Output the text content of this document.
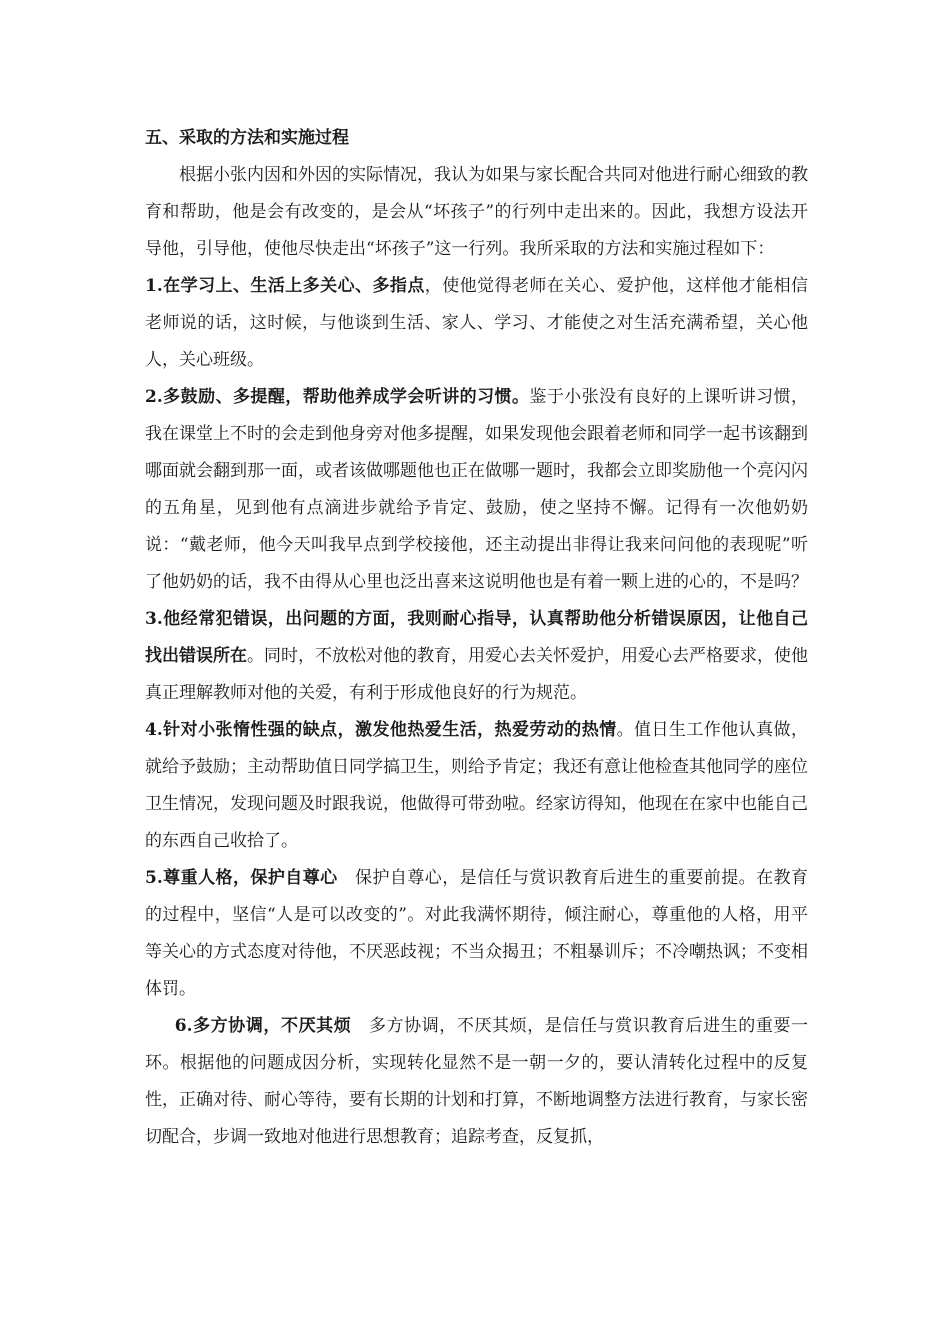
五、采取的方法和实施过程

根据小张内因和外因的实际情况，我认为如果与家长配合共同对他进行耐心细致的教育和帮助，他是会有改变的，是会从“坏孩子”的行列中走出来的。因此，我想方设法开导他，引导他，使他尽快走出“坏孩子”这一行列。我所采取的方法和实施过程如下：

1.在学习上、生活上多关心、多指点，使他觉得老师在关心、爱护他，这样他才能相信老师说的话，这时候，与他谈到生活、家人、学习、才能使之对生活充满希望，关心他人，关心班级。

2.多鼓励、多提醒，帮助他养成学会听讲的习惯。鉴于小张没有良好的上课听讲习惯，我在课堂上不时的会走到他身旁对他多提醒，如果发现他会跟着老师和同学一起书该翻到哪面就会翻到那一面，或者该做哪题他也正在做哪一题时，我都会立即奖励他一个亮闪闪的五角星，见到他有点滴进步就给予肯定、鼓励，使之坚持不懈。记得有一次他奶奶说：“戴老师，他今天叫我早点到学校接他，还主动提出非得让我来问问他的表现呢”听了他奶奶的话，我不由得从心里也泛出喜来这说明他也是有着一颗上进的心的，不是吗？

3.他经常犯错误，出问题的方面，我则耐心指导，认真帮助他分析错误原因，让他自己找出错误所在。同时，不放松对他的教育，用爱心去关怀爱护，用爱心去严格要求，使他真正理解教师对他的关爱，有利于形成他良好的行为规范。

4.针对小张惰性强的缺点，激发他热爱生活，热爱劳动的热情。值日生工作他认真做，就给予鼓励；主动帮助值日同学搞卫生，则给予肯定；我还有意让他检查其他同学的座位卫生情况，发现问题及时跟我说，他做得可带劲啦。经家访得知，他现在在家中也能自己的东西自己收拾了。

5.尊重人格，保护自尊心　保护自尊心，是信任与赏识教育后进生的重要前提。在教育的过程中，坚信“人是可以改变的”。对此我满怀期待，倾注耐心，尊重他的人格，用平等关心的方式态度对待他，不厌恶歧视；不当众揭丑；不粗暴训斥；不冷嘲热讽；不变相体罚。

6.多方协调，不厌其烦　多方协调，不厌其烦，是信任与赏识教育后进生的重要一环。根据他的问题成因分析，实现转化显然不是一朝一夕的，要认清转化过程中的反复性，正确对待、耐心等待，要有长期的计划和打算，不断地调整方法进行教育，与家长密切配合，步调一致地对他进行思想教育；追踪考查，反复抓，
